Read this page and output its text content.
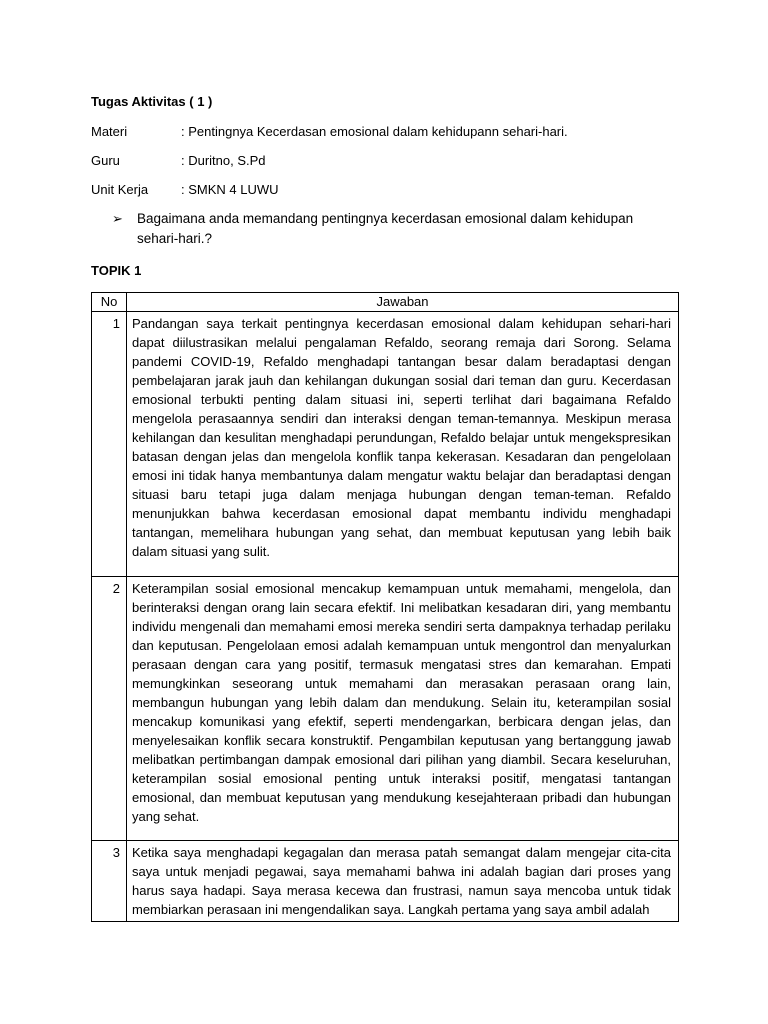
Tugas Aktivitas ( 1 )
Materi	: Pentingnya Kecerdasan emosional dalam kehidupann sehari-hari.
Guru	: Duritno, S.Pd
Unit Kerja	: SMKN 4 LUWU
➢ Bagaimana anda memandang pentingnya kecerdasan emosional dalam kehidupan sehari-hari.?
TOPIK 1
No	Jawaban
1	Pandangan saya terkait pentingnya kecerdasan emosional dalam kehidupan sehari-hari dapat diilustrasikan melalui pengalaman Refaldo, seorang remaja dari Sorong. Selama pandemi COVID-19, Refaldo menghadapi tantangan besar dalam beradaptasi dengan pembelajaran jarak jauh dan kehilangan dukungan sosial dari teman dan guru. Kecerdasan emosional terbukti penting dalam situasi ini, seperti terlihat dari bagaimana Refaldo mengelola perasaannya sendiri dan interaksi dengan teman-temannya. Meskipun merasa kehilangan dan kesulitan menghadapi perundungan, Refaldo belajar untuk mengekspresikan batasan dengan jelas dan mengelola konflik tanpa kekerasan. Kesadaran dan pengelolaan emosi ini tidak hanya membantunya dalam mengatur waktu belajar dan beradaptasi dengan situasi baru tetapi juga dalam menjaga hubungan dengan teman-teman. Refaldo menunjukkan bahwa kecerdasan emosional dapat membantu individu menghadapi tantangan, memelihara hubungan yang sehat, dan membuat keputusan yang lebih baik dalam situasi yang sulit.
2	Keterampilan sosial emosional mencakup kemampuan untuk memahami, mengelola, dan berinteraksi dengan orang lain secara efektif. Ini melibatkan kesadaran diri, yang membantu individu mengenali dan memahami emosi mereka sendiri serta dampaknya terhadap perilaku dan keputusan. Pengelolaan emosi adalah kemampuan untuk mengontrol dan menyalurkan perasaan dengan cara yang positif, termasuk mengatasi stres dan kemarahan. Empati memungkinkan seseorang untuk memahami dan merasakan perasaan orang lain, membangun hubungan yang lebih dalam dan mendukung. Selain itu, keterampilan sosial mencakup komunikasi yang efektif, seperti mendengarkan, berbicara dengan jelas, dan menyelesaikan konflik secara konstruktif. Pengambilan keputusan yang bertanggung jawab melibatkan pertimbangan dampak emosional dari pilihan yang diambil. Secara keseluruhan, keterampilan sosial emosional penting untuk interaksi positif, mengatasi tantangan emosional, dan membuat keputusan yang mendukung kesejahteraan pribadi dan hubungan yang sehat.
3	Ketika saya menghadapi kegagalan dan merasa patah semangat dalam mengejar cita-cita saya untuk menjadi pegawai, saya memahami bahwa ini adalah bagian dari proses yang harus saya hadapi. Saya merasa kecewa dan frustrasi, namun saya mencoba untuk tidak membiarkan perasaan ini mengendalikan saya. Langkah pertama yang saya ambil adalah
